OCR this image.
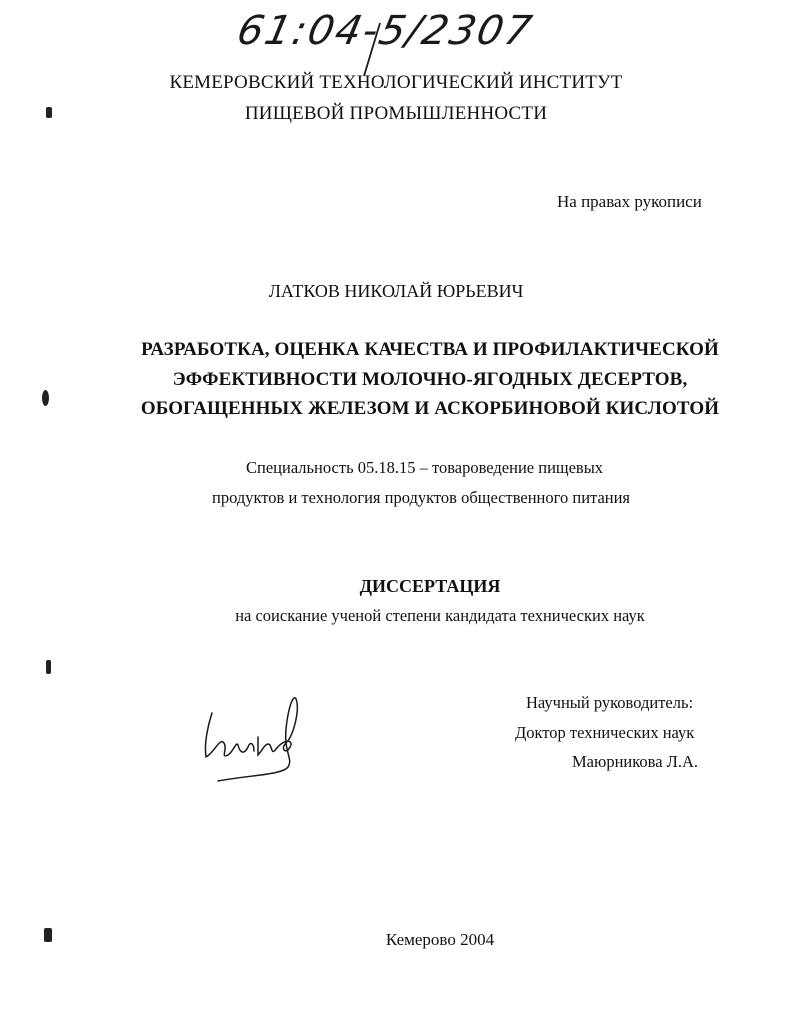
61:04-5/2307
КЕМЕРОВСКИЙ ТЕХНОЛОГИЧЕСКИЙ ИНСТИТУТ
ПИЩЕВОЙ ПРОМЫШЛЕННОСТИ
На правах рукописи
ЛАТКОВ НИКОЛАЙ ЮРЬЕВИЧ
РАЗРАБОТКА, ОЦЕНКА КАЧЕСТВА И ПРОФИЛАКТИЧЕСКОЙ
ЭФФЕКТИВНОСТИ МОЛОЧНО-ЯГОДНЫХ ДЕСЕРТОВ,
ОБОГАЩЕННЫХ ЖЕЛЕЗОМ И АСКОРБИНОВОЙ КИСЛОТОЙ
Специальность 05.18.15 – товароведение пищевых
продуктов и технология продуктов общественного питания
ДИССЕРТАЦИЯ
на соискание ученой степени кандидата технических наук
Научный руководитель:
Доктор технических наук
Маюрникова Л.А.
Кемерово 2004
